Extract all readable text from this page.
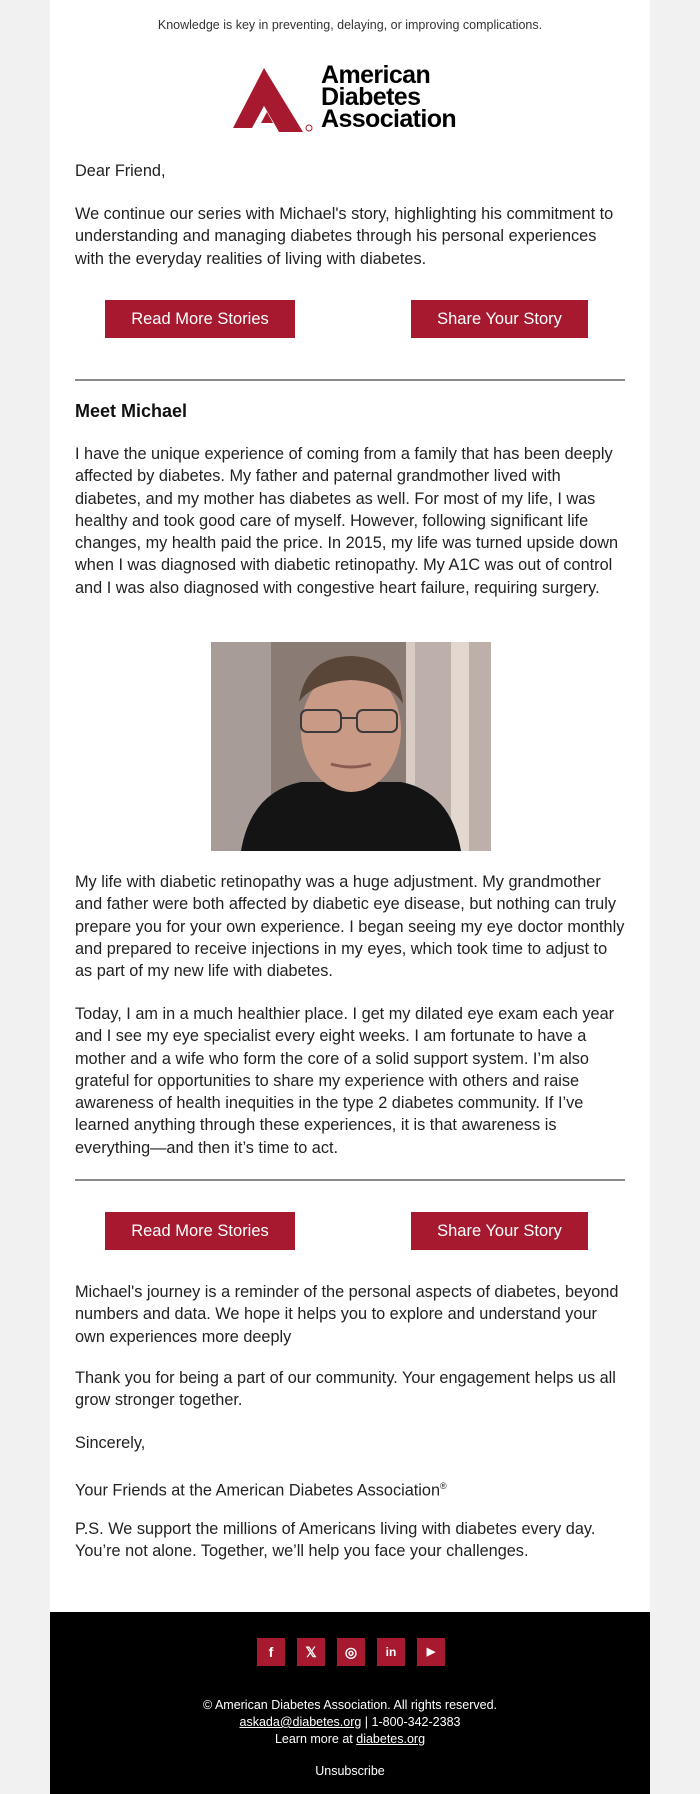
Knowledge is key in preventing, delaying, or improving complications.
American
Diabetes
Association

Dear Friend,

We continue our series with Michael's story, highlighting his commitment to understanding and managing diabetes through his personal experiences with the everyday realities of living with diabetes.

Read More Stories	Share Your Story
Meet Michael

I have the unique experience of coming from a family that has been deeply affected by diabetes. My father and paternal grandmother lived with diabetes, and my mother has diabetes as well. For most of my life, I was healthy and took good care of myself. However, following significant life changes, my health paid the price. In 2015, my life was turned upside down when I was diagnosed with diabetic retinopathy. My A1C was out of control and I was also diagnosed with congestive heart failure, requiring surgery.

My life with diabetic retinopathy was a huge adjustment. My grandmother and father were both affected by diabetic eye disease, but nothing can truly prepare you for your own experience. I began seeing my eye doctor monthly and prepared to receive injections in my eyes, which took time to adjust to as part of my new life with diabetes.

Today, I am in a much healthier place. I get my dilated eye exam each year and I see my eye specialist every eight weeks. I am fortunate to have a mother and a wife who form the core of a solid support system. I’m also grateful for opportunities to share my experience with others and raise awareness of health inequities in the type 2 diabetes community. If I’ve learned anything through these experiences, it is that awareness is everything—and then it’s time to act.

Read More Stories	Share Your Story

Michael's journey is a reminder of the personal aspects of diabetes, beyond numbers and data. We hope it helps you to explore and understand your own experiences more deeply

Thank you for being a part of our community. Your engagement helps us all grow stronger together.

Sincerely,

Your Friends at the American Diabetes Association®

P.S. We support the millions of Americans living with diabetes every day. You’re not alone. Together, we’ll help you face your challenges.

f	𝕏	◎	in	▶
© American Diabetes Association. All rights reserved.
askada@diabetes.org | 1-800-342-2383
Learn more at diabetes.org
Unsubscribe
